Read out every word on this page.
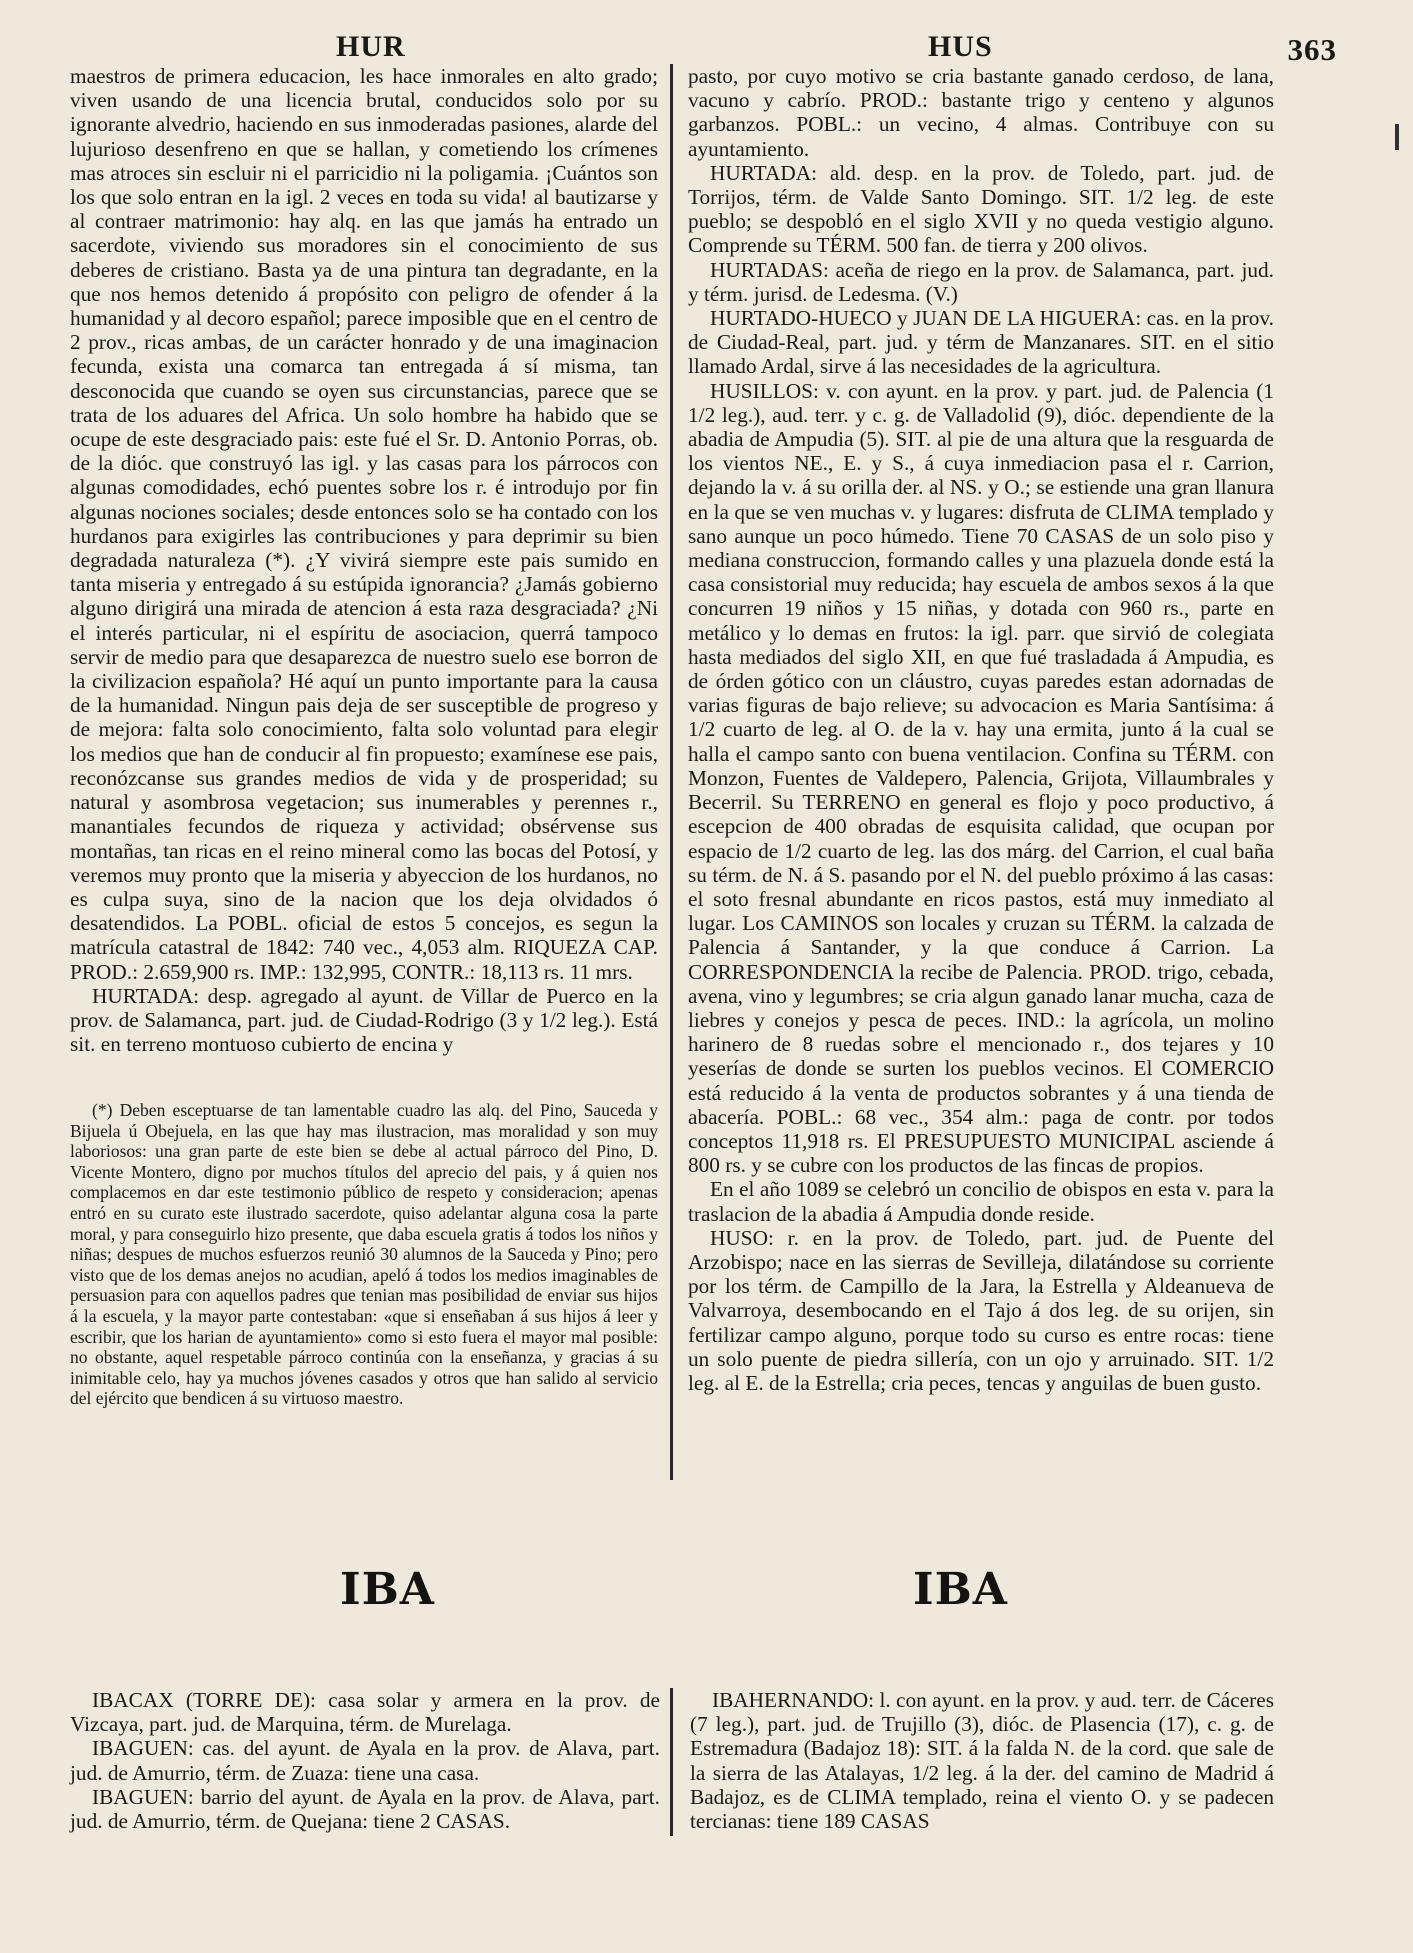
HUR	HUS	363

maestros de primera educacion, les hace inmorales en alto grado; viven usando de una licencia brutal, conducidos solo por su ignorante alvedrio, haciendo en sus inmoderadas pasiones, alarde del lujurioso desenfreno en que se hallan, y cometiendo los crímenes mas atroces sin escluir ni el parricidio ni la poligamia. ¡Cuántos son los que solo entran en la igl. 2 veces en toda su vida! al bautizarse y al contraer matrimonio: hay alq. en las que jamás ha entrado un sacerdote, viviendo sus moradores sin el conocimiento de sus deberes de cristiano. Basta ya de una pintura tan degradante, en la que nos hemos detenido á propósito con peligro de ofender á la humanidad y al decoro español; parece imposible que en el centro de 2 prov., ricas ambas, de un carácter honrado y de una imaginacion fecunda, exista una comarca tan entregada á sí misma, tan desconocida que cuando se oyen sus circunstancias, parece que se trata de los aduares del Africa. Un solo hombre ha habido que se ocupe de este desgraciado pais: este fué el Sr. D. Antonio Porras, ob. de la dióc. que construyó las igl. y las casas para los párrocos con algunas comodidades, echó puentes sobre los r. é introdujo por fin algunas nociones sociales; desde entonces solo se ha contado con los hurdanos para exigirles las contribuciones y para deprimir su bien degradada naturaleza (*). ¿Y vivirá siempre este pais sumido en tanta miseria y entregado á su estúpida ignorancia? ¿Jamás gobierno alguno dirigirá una mirada de atencion á esta raza desgraciada? ¿Ni el interés particular, ni el espíritu de asociacion, querrá tampoco servir de medio para que desaparezca de nuestro suelo ese borron de la civilizacion española? Hé aquí un punto importante para la causa de la humanidad. Ningun pais deja de ser susceptible de progreso y de mejora: falta solo conocimiento, falta solo voluntad para elegir los medios que han de conducir al fin propuesto; examínese ese pais, reconózcanse sus grandes medios de vida y de prosperidad; su natural y asombrosa vegetacion; sus inumerables y perennes r., manantiales fecundos de riqueza y actividad; obsérvense sus montañas, tan ricas en el reino mineral como las bocas del Potosí, y veremos muy pronto que la miseria y abyeccion de los hurdanos, no es culpa suya, sino de la nacion que los deja olvidados ó desatendidos. La POBL. oficial de estos 5 concejos, es segun la matrícula catastral de 1842: 740 vec., 4,053 alm. RIQUEZA CAP. PROD.: 2.659,900 rs. IMP.: 132,995, CONTR.: 18,113 rs. 11 mrs.

HURTADA: desp. agregado al ayunt. de Villar de Puerco en la prov. de Salamanca, part. jud. de Ciudad-Rodrigo (3 y 1/2 leg.). Está sit. en terreno montuoso cubierto de encina y

(*) Deben esceptuarse de tan lamentable cuadro las alq. del Pino, Sauceda y Bijuela ú Obejuela, en las que hay mas ilustracion, mas moralidad y son muy laboriosos: una gran parte de este bien se debe al actual párroco del Pino, D. Vicente Montero, digno por muchos títulos del aprecio del pais, y á quien nos complacemos en dar este testimonio público de respeto y consideracion; apenas entró en su curato este ilustrado sacerdote, quiso adelantar alguna cosa la parte moral, y para conseguirlo hizo presente, que daba escuela gratis á todos los niños y niñas; despues de muchos esfuerzos reunió 30 alumnos de la Sauceda y Pino; pero visto que de los demas anejos no acudian, apeló á todos los medios imaginables de persuasion para con aquellos padres que tenian mas posibilidad de enviar sus hijos á la escuela, y la mayor parte contestaban: «que si enseñaban á sus hijos á leer y escribir, que los harian de ayuntamiento» como si esto fuera el mayor mal posible: no obstante, aquel respetable párroco continúa con la enseñanza, y gracias á su inimitable celo, hay ya muchos jóvenes casados y otros que han salido al servicio del ejército que bendicen á su virtuoso maestro.

pasto, por cuyo motivo se cria bastante ganado cerdoso, de lana, vacuno y cabrío. PROD.: bastante trigo y centeno y algunos garbanzos. POBL.: un vecino, 4 almas. Contribuye con su ayuntamiento.

HURTADA: ald. desp. en la prov. de Toledo, part. jud. de Torrijos, térm. de Valde Santo Domingo. SIT. 1/2 leg. de este pueblo; se despobló en el siglo XVII y no queda vestigio alguno. Comprende su TÉRM. 500 fan. de tierra y 200 olivos.

HURTADAS: aceña de riego en la prov. de Salamanca, part. jud. y térm. jurisd. de Ledesma. (V.)

HURTADO-HUECO y JUAN DE LA HIGUERA: cas. en la prov. de Ciudad-Real, part. jud. y térm de Manzanares. SIT. en el sitio llamado Ardal, sirve á las necesidades de la agricultura.

HUSILLOS: v. con ayunt. en la prov. y part. jud. de Palencia (1 1/2 leg.), aud. terr. y c. g. de Valladolid (9), dióc. dependiente de la abadia de Ampudia (5). SIT. al pie de una altura que la resguarda de los vientos NE., E. y S., á cuya inmediacion pasa el r. Carrion, dejando la v. á su orilla der. al NS. y O.; se estiende una gran llanura en la que se ven muchas v. y lugares: disfruta de CLIMA templado y sano aunque un poco húmedo. Tiene 70 CASAS de un solo piso y mediana construccion, formando calles y una plazuela donde está la casa consistorial muy reducida; hay escuela de ambos sexos á la que concurren 19 niños y 15 niñas, y dotada con 960 rs., parte en metálico y lo demas en frutos: la igl. parr. que sirvió de colegiata hasta mediados del siglo XII, en que fué trasladada á Ampudia, es de órden gótico con un cláustro, cuyas paredes estan adornadas de varias figuras de bajo relieve; su advocacion es Maria Santísima: á 1/2 cuarto de leg. al O. de la v. hay una ermita, junto á la cual se halla el campo santo con buena ventilacion. Confina su TÉRM. con Monzon, Fuentes de Valdepero, Palencia, Grijota, Villaumbrales y Becerril. Su TERRENO en general es flojo y poco productivo, á escepcion de 400 obradas de esquisita calidad, que ocupan por espacio de 1/2 cuarto de leg. las dos márg. del Carrion, el cual baña su térm. de N. á S. pasando por el N. del pueblo próximo á las casas: el soto fresnal abundante en ricos pastos, está muy inmediato al lugar. Los CAMINOS son locales y cruzan su TÉRM. la calzada de Palencia á Santander, y la que conduce á Carrion. La CORRESPONDENCIA la recibe de Palencia. PROD. trigo, cebada, avena, vino y legumbres; se cria algun ganado lanar mucha, caza de liebres y conejos y pesca de peces. IND.: la agrícola, un molino harinero de 8 ruedas sobre el mencionado r., dos tejares y 10 yeserías de donde se surten los pueblos vecinos. El COMERCIO está reducido á la venta de productos sobrantes y á una tienda de abacería. POBL.: 68 vec., 354 alm.: paga de contr. por todos conceptos 11,918 rs. El PRESUPUESTO MUNICIPAL asciende á 800 rs. y se cubre con los productos de las fincas de propios.

En el año 1089 se celebró un concilio de obispos en esta v. para la traslacion de la abadia á Ampudia donde reside.

HUSO: r. en la prov. de Toledo, part. jud. de Puente del Arzobispo; nace en las sierras de Sevilleja, dilatándose su corriente por los térm. de Campillo de la Jara, la Estrella y Aldeanueva de Valvarroya, desembocando en el Tajo á dos leg. de su orijen, sin fertilizar campo alguno, porque todo su curso es entre rocas: tiene un solo puente de piedra sillería, con un ojo y arruinado. SIT. 1/2 leg. al E. de la Estrella; cria peces, tencas y anguilas de buen gusto.

IBA	IBA

IBACAX (TORRE DE): casa solar y armera en la prov. de Vizcaya, part. jud. de Marquina, térm. de Murelaga.

IBAGUEN: cas. del ayunt. de Ayala en la prov. de Alava, part. jud. de Amurrio, térm. de Zuaza: tiene una casa.

IBAGUEN: barrio del ayunt. de Ayala en la prov. de Alava, part. jud. de Amurrio, térm. de Quejana: tiene 2 CASAS.

IBAHERNANDO: l. con ayunt. en la prov. y aud. terr. de Cáceres (7 leg.), part. jud. de Trujillo (3), dióc. de Plasencia (17), c. g. de Estremadura (Badajoz 18): SIT. á la falda N. de la cord. que sale de la sierra de las Atalayas, 1/2 leg. á la der. del camino de Madrid á Badajoz, es de CLIMA templado, reina el viento O. y se padecen tercianas: tiene 189 CASAS
